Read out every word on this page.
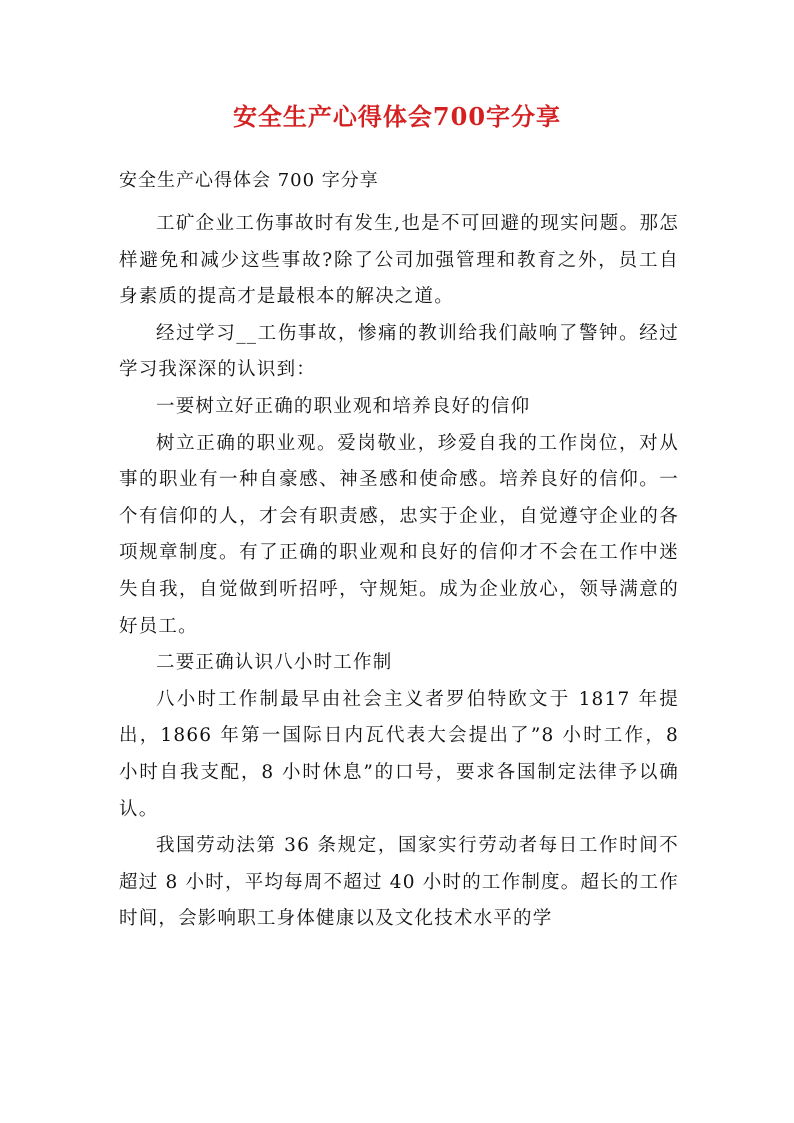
安全生产心得体会700字分享
安全生产心得体会 700 字分享

工矿企业工伤事故时有发生,也是不可回避的现实问题。那怎样避免和减少这些事故?除了公司加强管理和教育之外，员工自身素质的提高才是最根本的解决之道。

经过学习__工伤事故，惨痛的教训给我们敲响了警钟。经过学习我深深的认识到：

一要树立好正确的职业观和培养良好的信仰

树立正确的职业观。爱岗敬业，珍爱自我的工作岗位，对从事的职业有一种自豪感、神圣感和使命感。培养良好的信仰。一个有信仰的人，才会有职责感，忠实于企业，自觉遵守企业的各项规章制度。有了正确的职业观和良好的信仰才不会在工作中迷失自我，自觉做到听招呼，守规矩。成为企业放心，领导满意的好员工。

二要正确认识八小时工作制

八小时工作制最早由社会主义者罗伯特欧文于 1817 年提出，1866 年第一国际日内瓦代表大会提出了”8 小时工作，8 小时自我支配，8 小时休息”的口号，要求各国制定法律予以确认。

我国劳动法第 36 条规定，国家实行劳动者每日工作时间不超过 8 小时，平均每周不超过 40 小时的工作制度。超长的工作时间，会影响职工身体健康以及文化技术水平的学
